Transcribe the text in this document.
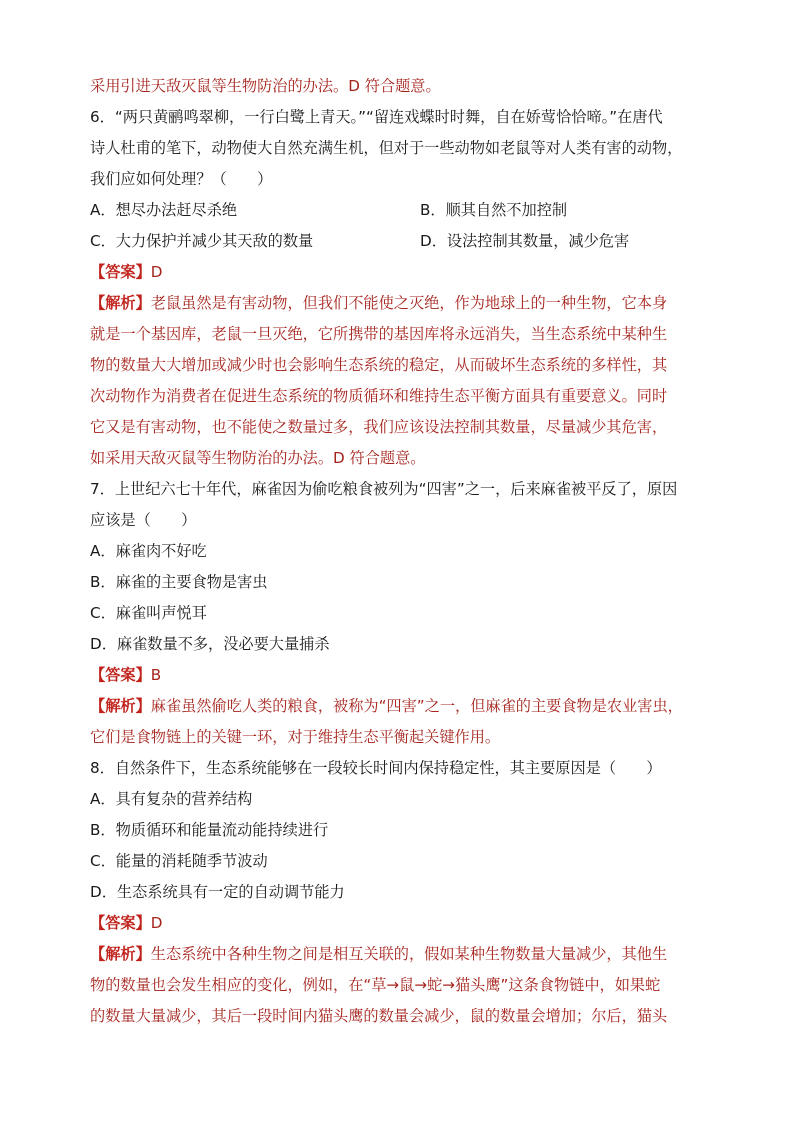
采用引进天敌灭鼠等生物防治的办法。D 符合题意。
6．“两只黄鹂鸣翠柳，一行白鹭上青天。”“留连戏蝶时时舞，自在娇莺恰恰啼。”在唐代
诗人杜甫的笔下，动物使大自然充满生机，但对于一些动物如老鼠等对人类有害的动物，
我们应如何处理？（　　）
A．想尽办法赶尽杀绝	B．顺其自然不加控制
C．大力保护并减少其天敌的数量	D．设法控制其数量，减少危害
【答案】D
【解析】老鼠虽然是有害动物，但我们不能使之灭绝，作为地球上的一种生物，它本身
就是一个基因库，老鼠一旦灭绝，它所携带的基因库将永远消失，当生态系统中某种生
物的数量大大增加或减少时也会影响生态系统的稳定，从而破坏生态系统的多样性，其
次动物作为消费者在促进生态系统的物质循环和维持生态平衡方面具有重要意义。同时
它又是有害动物，也不能使之数量过多，我们应该设法控制其数量，尽量减少其危害，
如采用天敌灭鼠等生物防治的办法。D 符合题意。
7．上世纪六七十年代，麻雀因为偷吃粮食被列为“四害”之一，后来麻雀被平反了，原因
应该是（　　）
A．麻雀肉不好吃
B．麻雀的主要食物是害虫
C．麻雀叫声悦耳
D．麻雀数量不多，没必要大量捕杀
【答案】B
【解析】麻雀虽然偷吃人类的粮食，被称为“四害”之一，但麻雀的主要食物是农业害虫，
它们是食物链上的关键一环，对于维持生态平衡起关键作用。
8．自然条件下，生态系统能够在一段较长时间内保持稳定性，其主要原因是（　　）
A．具有复杂的营养结构
B．物质循环和能量流动能持续进行
C．能量的消耗随季节波动
D．生态系统具有一定的自动调节能力
【答案】D
【解析】生态系统中各种生物之间是相互关联的，假如某种生物数量大量减少，其他生
物的数量也会发生相应的变化，例如，在“草→鼠→蛇→猫头鹰”这条食物链中，如果蛇
的数量大量减少，其后一段时间内猫头鹰的数量会减少，鼠的数量会增加；尔后，猫头
